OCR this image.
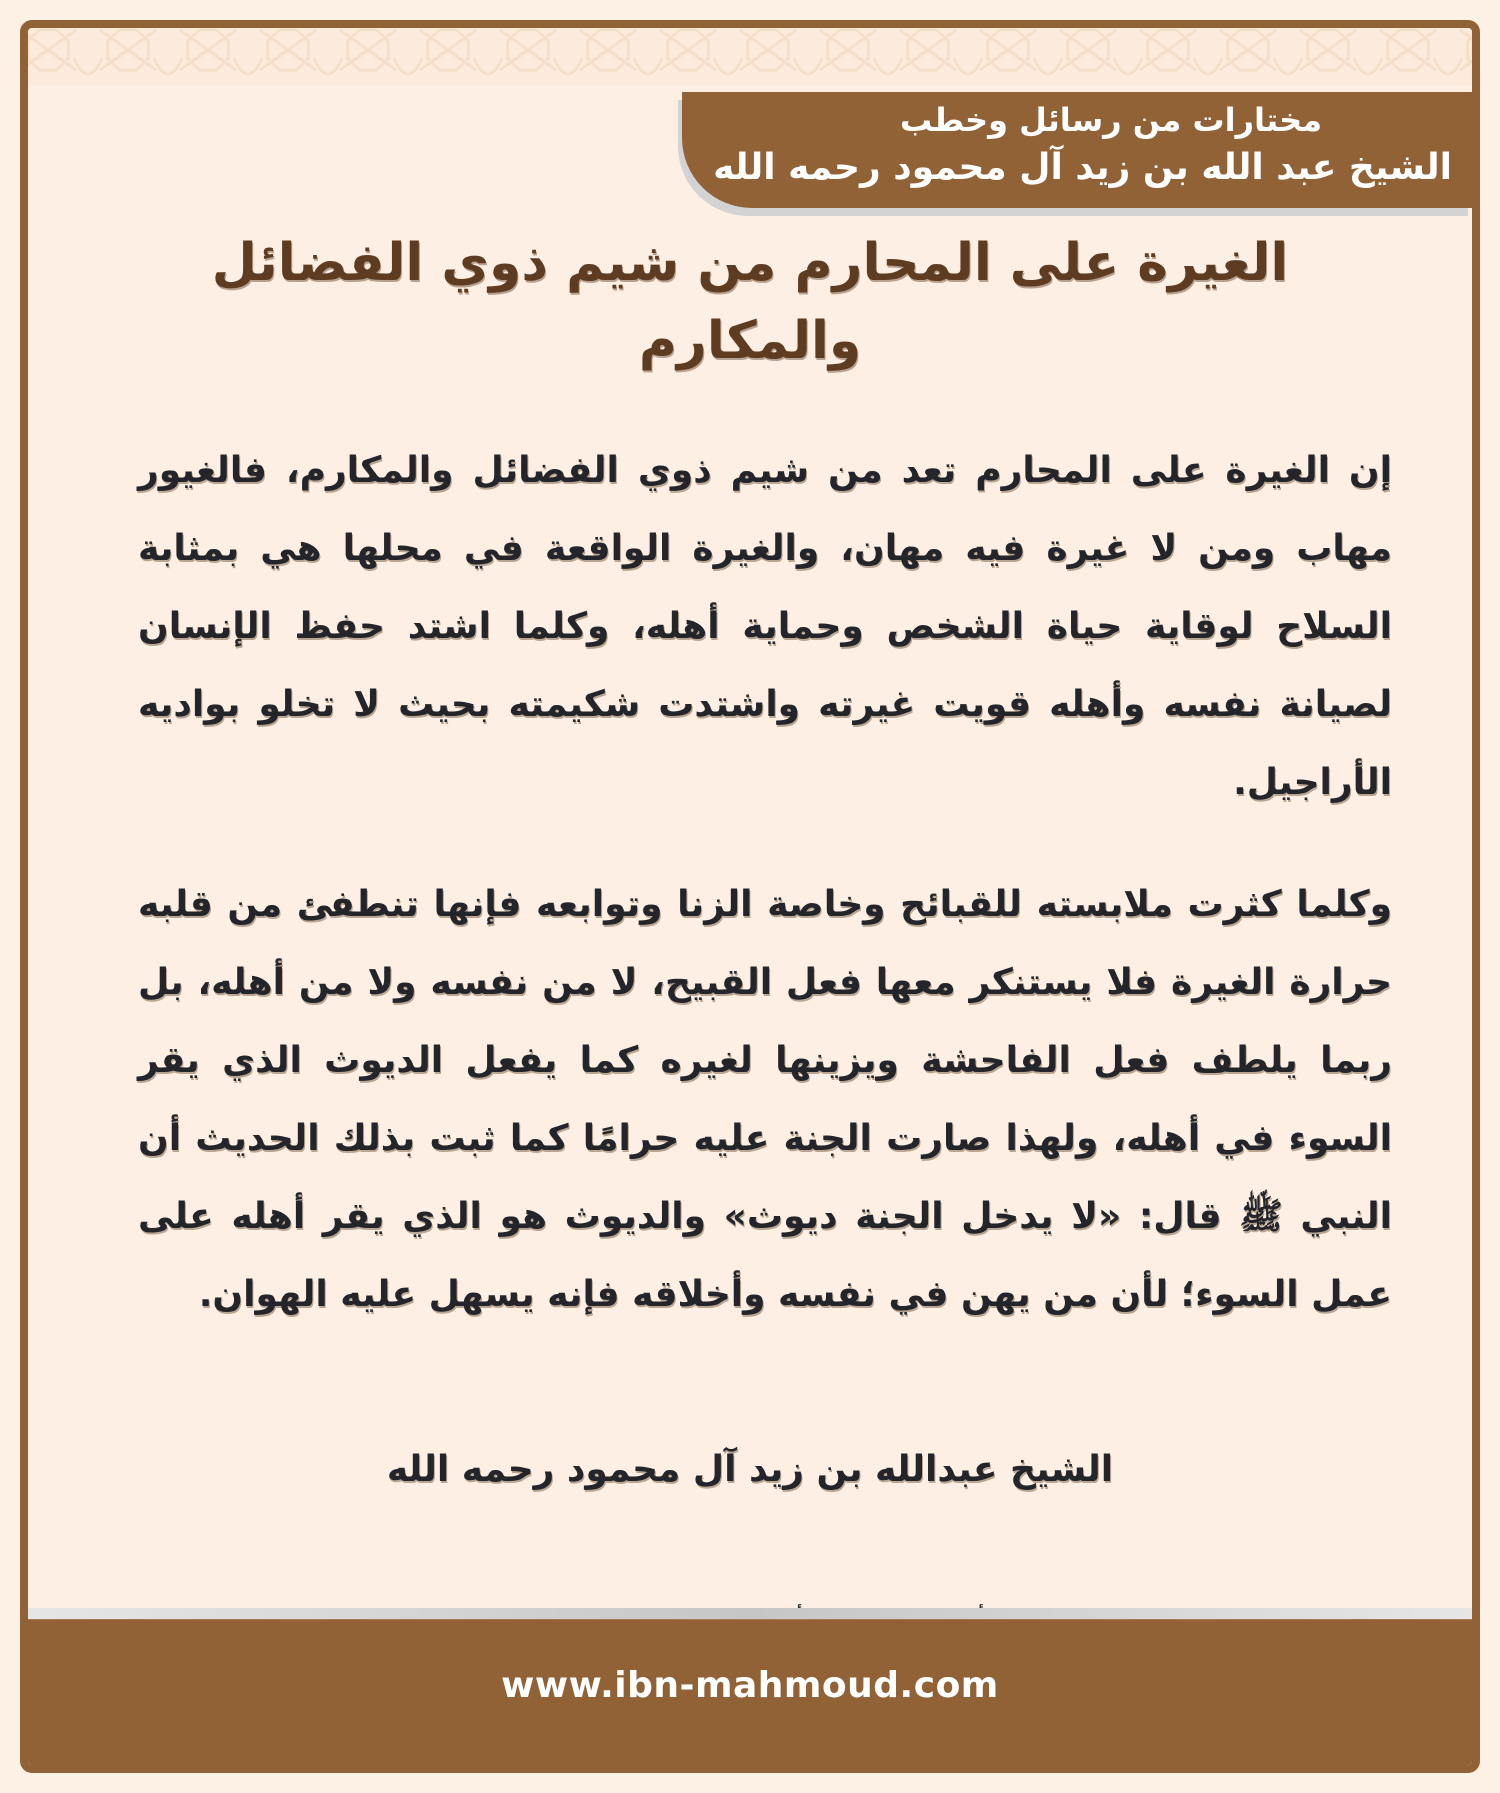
مختارات من رسائل وخطب
الشيخ عبد الله بن زيد آل محمود رحمه الله
الغيرة على المحارم من شيم ذوي الفضائل والمكارم
إن الغيرة على المحارم تعد من شيم ذوي الفضائل والمكارم، فالغيور مهاب ومن لا غيرة فيه مهان، والغيرة الواقعة في محلها هي بمثابة السلاح لوقاية حياة الشخص وحماية أهله، وكلما اشتد حفظ الإنسان لصيانة نفسه وأهله قويت غيرته واشتدت شكيمته بحيث لا تخلو بواديه الأراجيل.
وكلما كثرت ملابسته للقبائح وخاصة الزنا وتوابعه فإنها تنطفئ من قلبه حرارة الغيرة فلا يستنكر معها فعل القبيح، لا من نفسه ولا من أهله، بل ربما يلطف فعل الفاحشة ويزينها لغيره كما يفعل الديوث الذي يقر السوء في أهله، ولهذا صارت الجنة عليه حرامًا كما ثبت بذلك الحديث أن النبي ﷺ قال: «لا يدخل الجنة ديوث» والديوث هو الذي يقر أهله على عمل السوء؛ لأن من يهن في نفسه وأخلاقه فإنه يسهل عليه الهوان.
الشيخ عبدالله بن زيد آل محمود رحمه الله
www.ibn-mahmoud.com
